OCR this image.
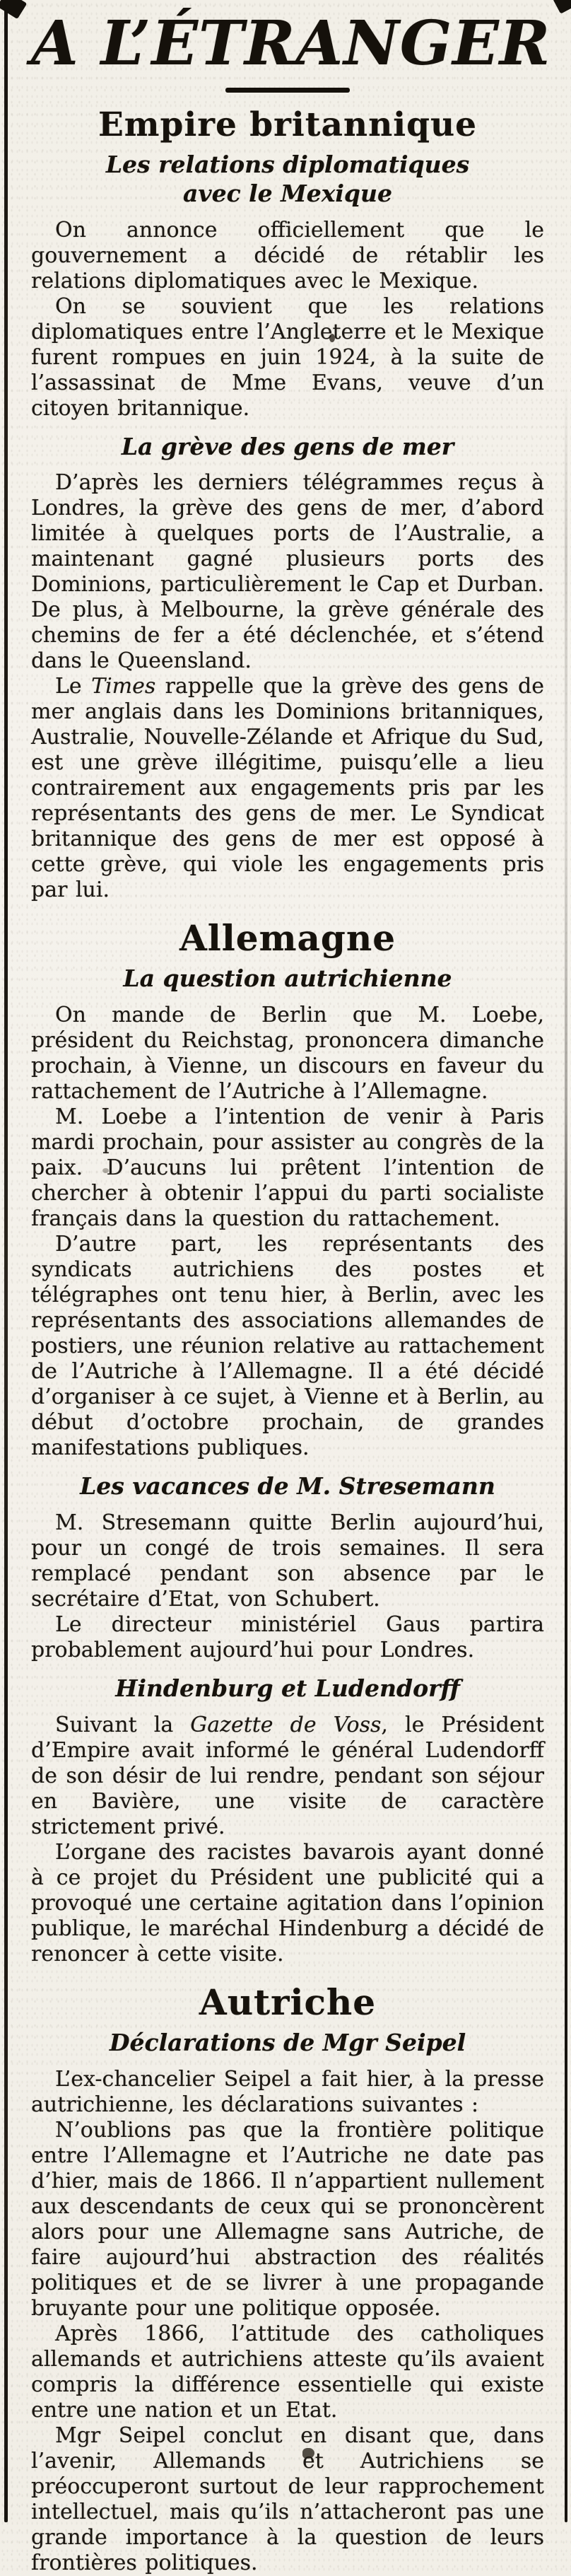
A L’ÉTRANGER
Empire britannique
Les relations diplomatiques
avec le Mexique

On annonce officiellement que le gouvernement a décidé de rétablir les relations diplomatiques avec le Mexique.

On se souvient que les relations diplomatiques entre l’Angleterre et le Mexique furent rompues en juin 1924, à la suite de l’assassinat de Mme Evans, veuve d’un citoyen britannique.

La grève des gens de mer

D’après les derniers télégrammes reçus à Londres, la grève des gens de mer, d’abord limitée à quelques ports de l’Australie, a maintenant gagné plusieurs ports des Dominions, particulièrement le Cap et Durban. De plus, à Melbourne, la grève générale des chemins de fer a été déclenchée, et s’étend dans le Queensland.

Le Times rappelle que la grève des gens de mer anglais dans les Dominions britanniques, Australie, Nouvelle-Zélande et Afrique du Sud, est une grève illégitime, puisqu’elle a lieu contrairement aux engagements pris par les représentants des gens de mer. Le Syndicat britannique des gens de mer est opposé à cette grève, qui viole les engagements pris par lui.

Allemagne
La question autrichienne

On mande de Berlin que M. Loebe, président du Reichstag, prononcera dimanche prochain, à Vienne, un discours en faveur du rattachement de l’Autriche à l’Allemagne.

M. Loebe a l’intention de venir à Paris mardi prochain, pour assister au congrès de la paix. D’aucuns lui prêtent l’intention de chercher à obtenir l’appui du parti socialiste français dans la question du rattachement.

D’autre part, les représentants des syndicats autrichiens des postes et télégraphes ont tenu hier, à Berlin, avec les représentants des associations allemandes de postiers, une réunion relative au rattachement de l’Autriche à l’Allemagne. Il a été décidé d’organiser à ce sujet, à Vienne et à Berlin, au début d’octobre prochain, de grandes manifestations publiques.

Les vacances de M. Stresemann

M. Stresemann quitte Berlin aujourd’hui, pour un congé de trois semaines. Il sera remplacé pendant son absence par le secrétaire d’Etat, von Schubert.

Le directeur ministériel Gaus partira probablement aujourd’hui pour Londres.

Hindenburg et Ludendorff

Suivant la Gazette de Voss, le Président d’Empire avait informé le général Ludendorff de son désir de lui rendre, pendant son séjour en Bavière, une visite de caractère strictement privé.

L’organe des racistes bavarois ayant donné à ce projet du Président une publicité qui a provoqué une certaine agitation dans l’opinion publique, le maréchal Hindenburg a décidé de renoncer à cette visite.

Autriche
Déclarations de Mgr Seipel

L’ex-chancelier Seipel a fait hier, à la presse autrichienne, les déclarations suivantes :

N’oublions pas que la frontière politique entre l’Allemagne et l’Autriche ne date pas d’hier, mais de 1866. Il n’appartient nullement aux descendants de ceux qui se prononcèrent alors pour une Allemagne sans Autriche, de faire aujourd’hui abstraction des réalités politiques et de se livrer à une propagande bruyante pour une politique opposée.

Après 1866, l’attitude des catholiques allemands et autrichiens atteste qu’ils avaient compris la différence essentielle qui existe entre une nation et un Etat.

Mgr Seipel conclut en disant que, dans l’avenir, Allemands et Autrichiens se préoccuperont surtout de leur rapprochement intellectuel, mais qu’ils n’attacheront pas une grande importance à la question de leurs frontières politiques.
